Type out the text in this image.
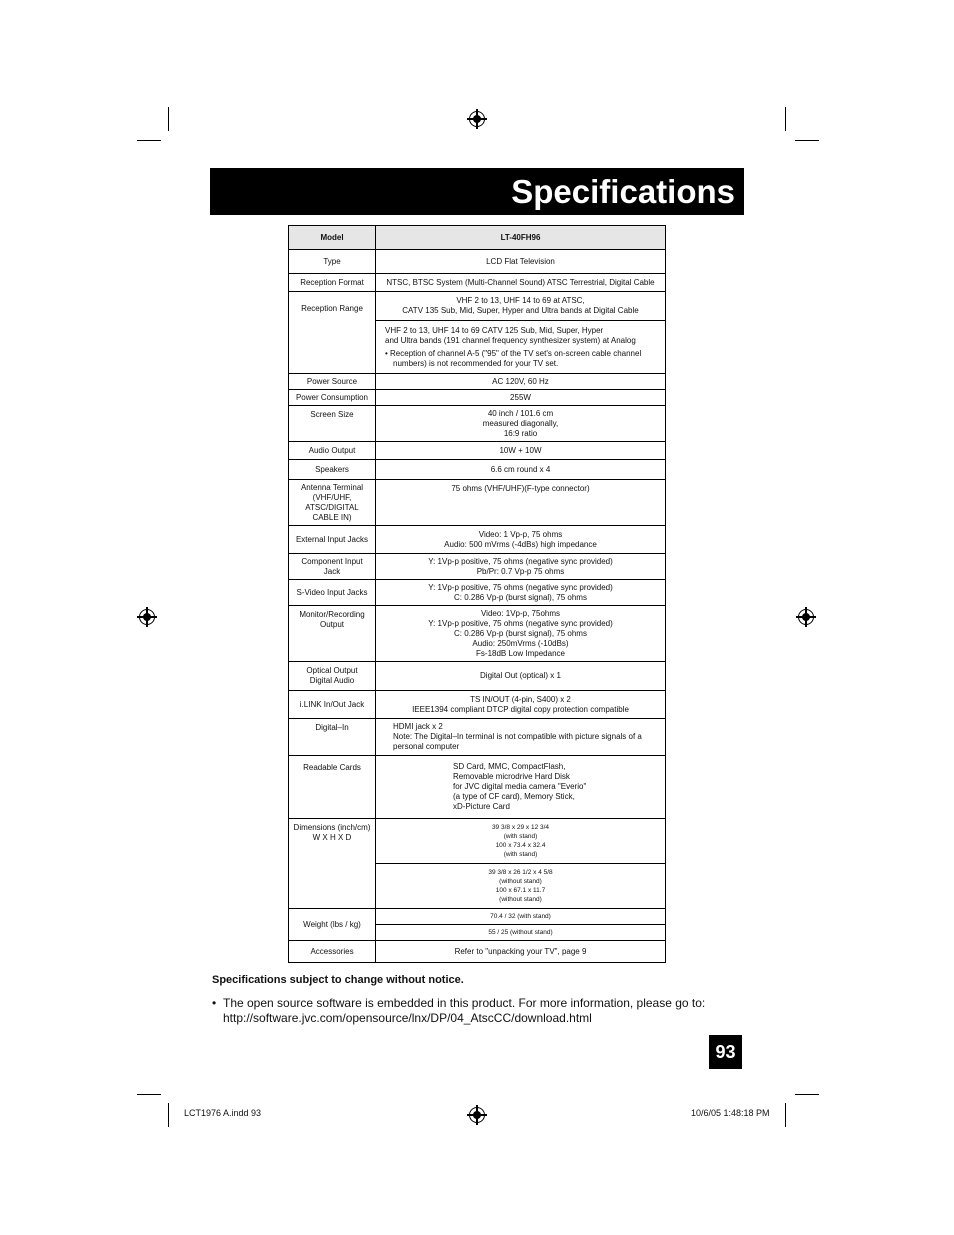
Specifications
Model	LT-40FH96
Type	LCD Flat Television
Reception Format	NTSC, BTSC System (Multi-Channel Sound) ATSC Terrestrial, Digital Cable
Reception Range	VHF 2 to 13, UHF 14 to 69 at ATSC,
CATV 135 Sub, Mid, Super, Hyper and Ultra bands at Digital Cable
	VHF 2 to 13, UHF 14 to 69 CATV 125 Sub, Mid, Super, Hyper
and Ultra bands (191 channel frequency synthesizer system) at Analog
• Reception of channel A-5 ("95" of the TV set's on-screen cable channel numbers) is not recommended for your TV set.

Power Source	AC 120V, 60 Hz
Power Consumption	255W
Screen Size	40 inch / 101.6 cm
measured diagonally,
16:9 ratio
Audio Output	10W + 10W
Speakers	6.6 cm round x 4
Antenna Terminal
(VHF/UHF,
ATSC/DIGITAL
CABLE IN)	75 ohms (VHF/UHF)(F-type connector)
External Input Jacks	Video: 1 Vp-p, 75 ohms
Audio: 500 mVrms (-4dBs) high impedance
Component Input
Jack	Y: 1Vp-p positive, 75 ohms (negative sync provided)
Pb/Pr: 0.7 Vp-p 75 ohms
S-Video Input Jacks	Y: 1Vp-p positive, 75 ohms (negative sync provided)
C: 0.286 Vp-p (burst signal), 75 ohms
Monitor/Recording
Output	Video: 1Vp-p, 75ohms
Y: 1Vp-p positive, 75 ohms (negative sync provided)
C: 0.286 Vp-p (burst signal), 75 ohms
Audio: 250mVrms (-10dBs)
Fs-18dB Low Impedance
Optical Output
Digital Audio	Digital Out (optical) x 1
i.LINK In/Out Jack	TS IN/OUT (4-pin, S400) x 2
IEEE1394 compliant DTCP digital copy protection compatible
Digital–In	HDMI jack x 2
Note: The Digital–In terminal is not compatible with picture signals of a personal computer
Readable Cards	SD Card, MMC, CompactFlash,
Removable microdrive Hard Disk
for JVC digital media camera "Everio"
(a type of CF card), Memory Stick,
xD-Picture Card
Dimensions (inch/cm)
W X H X D	39 3/8 x 29 x 12 3/4
(with stand)
100 x 73.4 x 32.4
(with stand)
	39 3/8 x 26 1/2 x 4 5/8
(without stand)
100 x 67.1 x 11.7
(without stand)
Weight (lbs / kg)	70.4 / 32 (with stand)
	55 / 25 (without stand)
Accessories	Refer to "unpacking your TV", page 9
Specifications subject to change without notice.
• The open source software is embedded in this product. For more information, please go to:
http://software.jvc.com/opensource/lnx/DP/04_AtscCC/download.html
93
LCT1976 A.indd 93	10/6/05 1:48:18 PM
